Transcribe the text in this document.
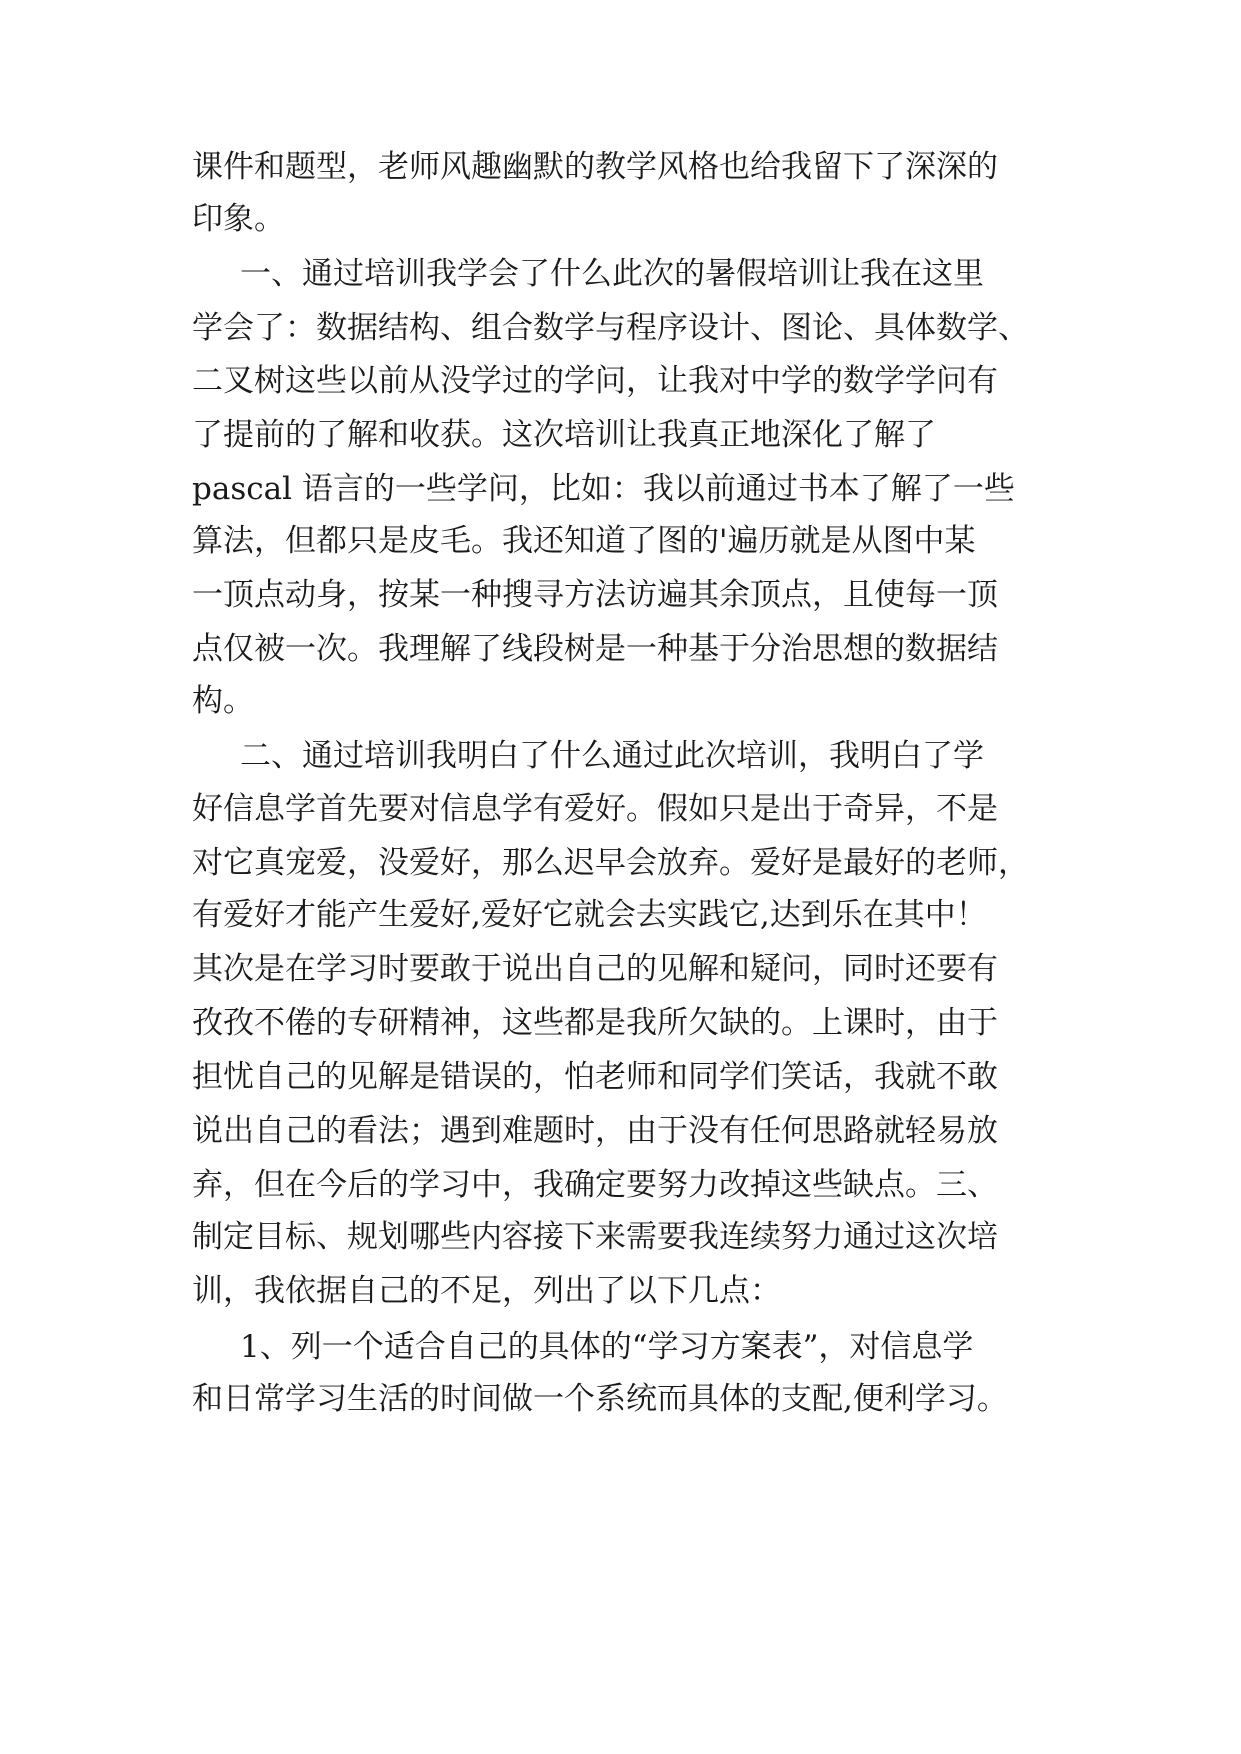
课件和题型，老师风趣幽默的教学风格也给我留下了深深的
印象。
一、通过培训我学会了什么此次的暑假培训让我在这里
学会了：数据结构、组合数学与程序设计、图论、具体数学、
二叉树这些以前从没学过的学问，让我对中学的数学学问有
了提前的了解和收获。这次培训让我真正地深化了解了
pascal 语言的一些学问，比如：我以前通过书本了解了一些
算法，但都只是皮毛。我还知道了图的'遍历就是从图中某
一顶点动身，按某一种搜寻方法访遍其余顶点，且使每一顶
点仅被一次。我理解了线段树是一种基于分治思想的数据结
构。
二、通过培训我明白了什么通过此次培训，我明白了学
好信息学首先要对信息学有爱好。假如只是出于奇异，不是
对它真宠爱，没爱好，那么迟早会放弃。爱好是最好的老师，
有爱好才能产生爱好,爱好它就会去实践它,达到乐在其中！
其次是在学习时要敢于说出自己的见解和疑问，同时还要有
孜孜不倦的专研精神，这些都是我所欠缺的。上课时，由于
担忧自己的见解是错误的，怕老师和同学们笑话，我就不敢
说出自己的看法；遇到难题时，由于没有任何思路就轻易放
弃，但在今后的学习中，我确定要努力改掉这些缺点。三、
制定目标、规划哪些内容接下来需要我连续努力通过这次培
训，我依据自己的不足，列出了以下几点：
1、列一个适合自己的具体的“学习方案表”，对信息学
和日常学习生活的时间做一个系统而具体的支配,便利学习。
